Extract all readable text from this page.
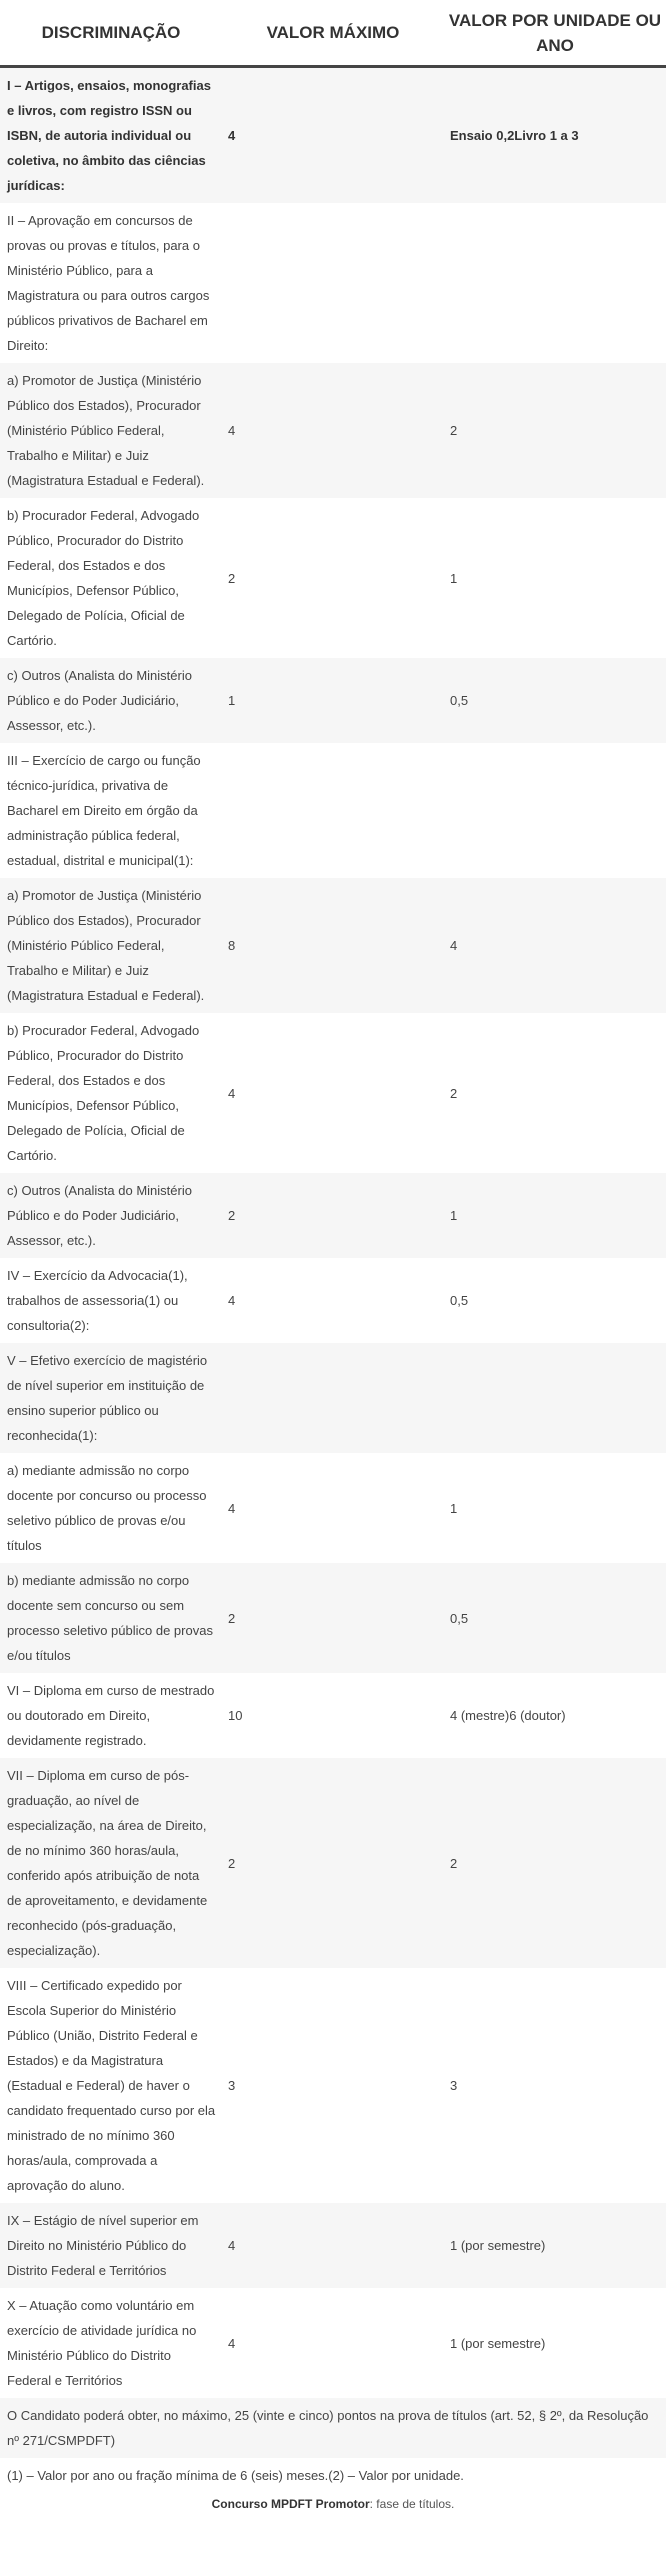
DISCRIMINAÇÃO	VALOR MÁXIMO	VALOR POR UNIDADE OU ANO
I – Artigos, ensaios, monografias e livros, com registro ISSN ou ISBN, de autoria individual ou coletiva, no âmbito das ciências jurídicas:	4	Ensaio 0,2Livro 1 a 3
II – Aprovação em concursos de provas ou provas e títulos, para o Ministério Público, para a Magistratura ou para outros cargos públicos privativos de Bacharel em Direito:		
a) Promotor de Justiça (Ministério Público dos Estados), Procurador (Ministério Público Federal, Trabalho e Militar) e Juiz (Magistratura Estadual e Federal).	4	2
b) Procurador Federal, Advogado Público, Procurador do Distrito Federal, dos Estados e dos Municípios, Defensor Público, Delegado de Polícia, Oficial de Cartório.	2	1
c) Outros (Analista do Ministério Público e do Poder Judiciário, Assessor, etc.).	1	0,5
III – Exercício de cargo ou função técnico-jurídica, privativa de Bacharel em Direito em órgão da administração pública federal, estadual, distrital e municipal(1):		
a) Promotor de Justiça (Ministério Público dos Estados), Procurador (Ministério Público Federal, Trabalho e Militar) e Juiz (Magistratura Estadual e Federal).	8	4
b) Procurador Federal, Advogado Público, Procurador do Distrito Federal, dos Estados e dos Municípios, Defensor Público, Delegado de Polícia, Oficial de Cartório.	4	2
c) Outros (Analista do Ministério Público e do Poder Judiciário, Assessor, etc.).	2	1
IV – Exercício da Advocacia(1), trabalhos de assessoria(1) ou consultoria(2):	4	0,5
V – Efetivo exercício de magistério de nível superior em instituição de ensino superior público ou reconhecida(1):		
a) mediante admissão no corpo docente por concurso ou processo seletivo público de provas e/ou títulos	4	1
b) mediante admissão no corpo docente sem concurso ou sem processo seletivo público de provas e/ou títulos	2	0,5
VI – Diploma em curso de mestrado ou doutorado em Direito, devidamente registrado.	10	4 (mestre)6 (doutor)
VII – Diploma em curso de pós-graduação, ao nível de especialização, na área de Direito, de no mínimo 360 horas/aula, conferido após atribuição de nota de aproveitamento, e devidamente reconhecido (pós-graduação, especialização).	2	2
VIII – Certificado expedido por Escola Superior do Ministério Público (União, Distrito Federal e Estados) e da Magistratura (Estadual e Federal) de haver o candidato frequentado curso por ela ministrado de no mínimo 360 horas/aula, comprovada a aprovação do aluno.	3	3
IX – Estágio de nível superior em Direito no Ministério Público do Distrito Federal e Territórios	4	1 (por semestre)
X – Atuação como voluntário em exercício de atividade jurídica no Ministério Público do Distrito Federal e Territórios	4	1 (por semestre)
O Candidato poderá obter, no máximo, 25 (vinte e cinco) pontos na prova de títulos (art. 52, § 2º, da Resolução nº 271/CSMPDFT)		
(1) – Valor por ano ou fração mínima de 6 (seis) meses.(2) – Valor por unidade.		
Concurso MPDFT Promotor: fase de títulos.
